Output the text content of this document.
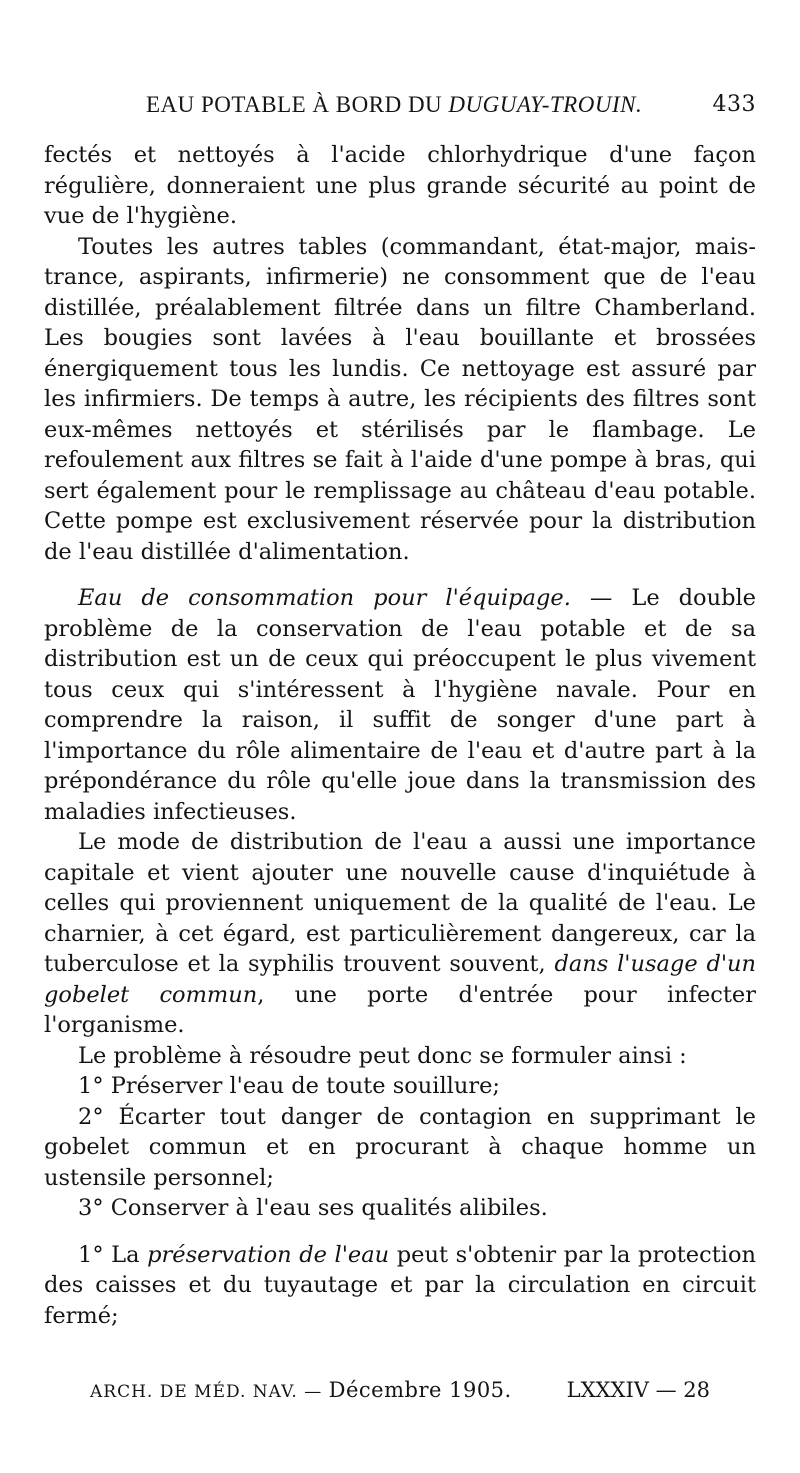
EAU POTABLE À BORD DU DUGUAY-TROUIN.	433

fectés et nettoyés à l'acide chlorhydrique d'une façon régulière, donneraient une plus grande sécurité au point de vue de l'hygiène.

Toutes les autres tables (commandant, état-major, maistrance, aspirants, infirmerie) ne consomment que de l'eau distillée, préalablement filtrée dans un filtre Chamberland. Les bougies sont lavées à l'eau bouillante et brossées énergiquement tous les lundis. Ce nettoyage est assuré par les infirmiers. De temps à autre, les récipients des filtres sont eux-mêmes nettoyés et stérilisés par le flambage. Le refoulement aux filtres se fait à l'aide d'une pompe à bras, qui sert également pour le remplissage au château d'eau potable. Cette pompe est exclusivement réservée pour la distribution de l'eau distillée d'alimentation.

Eau de consommation pour l'équipage. — Le double problème de la conservation de l'eau potable et de sa distribution est un de ceux qui préoccupent le plus vivement tous ceux qui s'intéressent à l'hygiène navale. Pour en comprendre la raison, il suffit de songer d'une part à l'importance du rôle alimentaire de l'eau et d'autre part à la prépondérance du rôle qu'elle joue dans la transmission des maladies infectieuses.

Le mode de distribution de l'eau a aussi une importance capitale et vient ajouter une nouvelle cause d'inquiétude à celles qui proviennent uniquement de la qualité de l'eau. Le charnier, à cet égard, est particulièrement dangereux, car la tuberculose et la syphilis trouvent souvent, dans l'usage d'un gobelet commun, une porte d'entrée pour infecter l'organisme.

Le problème à résoudre peut donc se formuler ainsi :

1° Préserver l'eau de toute souillure;

2° Écarter tout danger de contagion en supprimant le gobelet commun et en procurant à chaque homme un ustensile personnel;

3° Conserver à l'eau ses qualités alibiles.

1° La préservation de l'eau peut s'obtenir par la protection des caisses et du tuyautage et par la circulation en circuit fermé;

ARCH. DE MÉD. NAV. — Décembre 1905.	LXXXIV — 28
